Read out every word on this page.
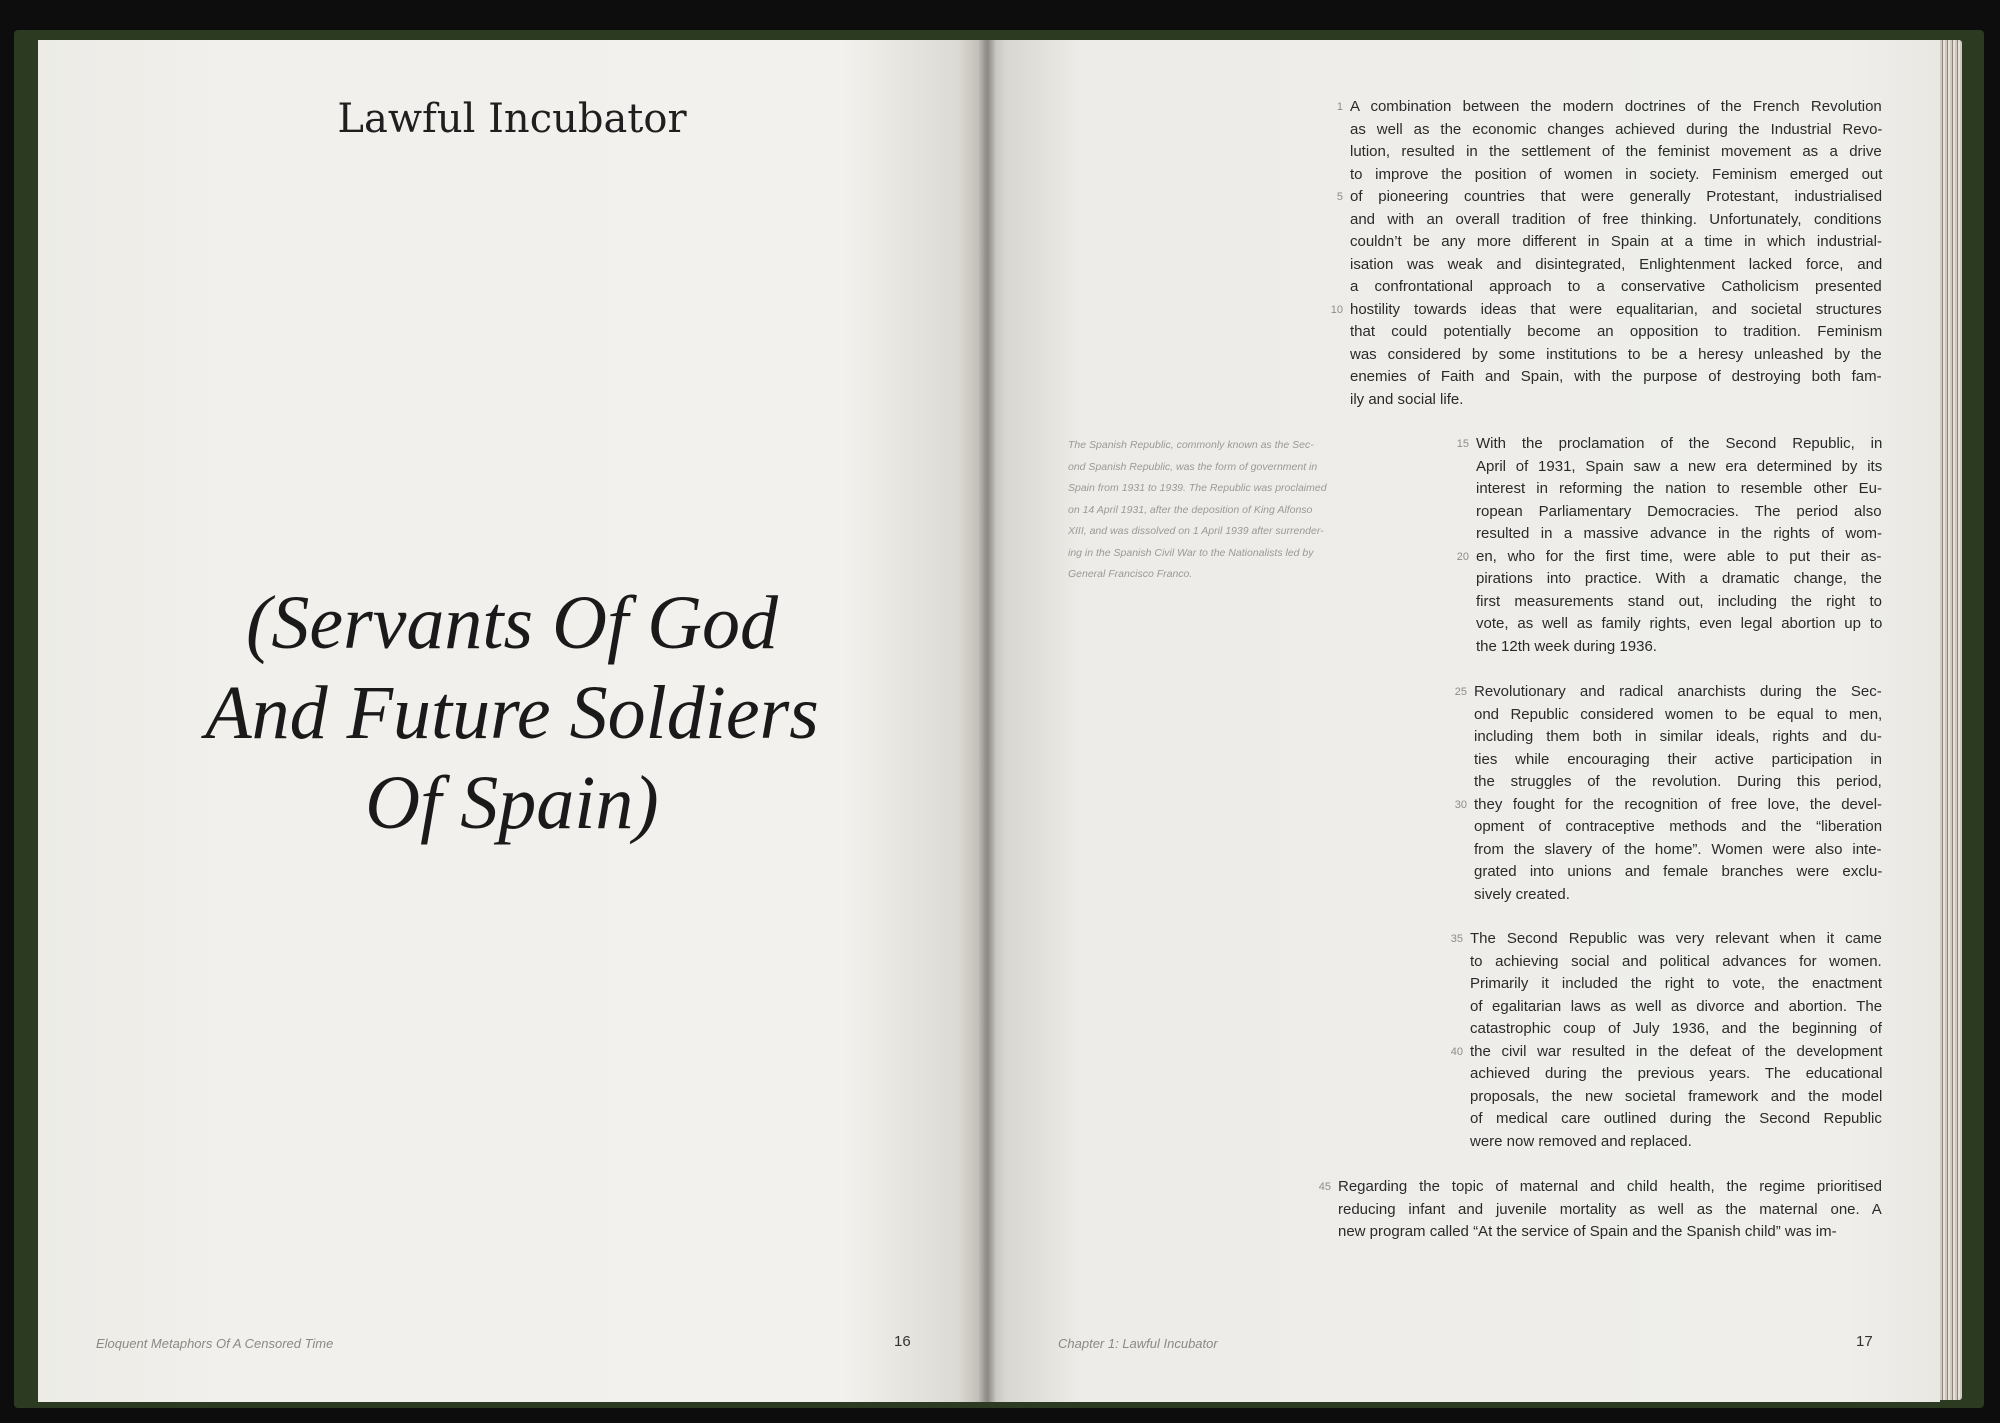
Lawful Incubator
(Servants Of God
And Future Soldiers
Of Spain)
Eloquent Metaphors Of A Censored Time	16
The Spanish Republic, commonly known as the Sec-
ond Spanish Republic, was the form of government in
Spain from 1931 to 1939. The Republic was proclaimed
on 14 April 1931, after the deposition of King Alfonso
XIII, and was dissolved on 1 April 1939 after surrender-
ing in the Spanish Civil War to the Nationalists led by
General Francisco Franco.
1 A combination between the modern doctrines of the French Revolution
as well as the economic changes achieved during the Industrial Revo-
lution, resulted in the settlement of the feminist movement as a drive
to improve the position of women in society. Feminism emerged out
5 of pioneering countries that were generally Protestant, industrialised
and with an overall tradition of free thinking. Unfortunately, conditions
couldn’t be any more different in Spain at a time in which industrial-
isation was weak and disintegrated, Enlightenment lacked force, and
a confrontational approach to a conservative Catholicism presented
10 hostility towards ideas that were equalitarian, and societal structures
that could potentially become an opposition to tradition. Feminism
was considered by some institutions to be a heresy unleashed by the
enemies of Faith and Spain, with the purpose of destroying both fam-
ily and social life.
15 With the proclamation of the Second Republic, in
April of 1931, Spain saw a new era determined by its
interest in reforming the nation to resemble other Eu-
ropean Parliamentary Democracies. The period also
resulted in a massive advance in the rights of wom-
20 en, who for the first time, were able to put their as-
pirations into practice. With a dramatic change, the
first measurements stand out, including the right to
vote, as well as family rights, even legal abortion up to
the 12th week during 1936.
25 Revolutionary and radical anarchists during the Sec-
ond Republic considered women to be equal to men,
including them both in similar ideals, rights and du-
ties while encouraging their active participation in
the struggles of the revolution. During this period,
30 they fought for the recognition of free love, the devel-
opment of contraceptive methods and the “liberation
from the slavery of the home”. Women were also inte-
grated into unions and female branches were exclu-
sively created.
35 The Second Republic was very relevant when it came
to achieving social and political advances for women.
Primarily it included the right to vote, the enactment
of egalitarian laws as well as divorce and abortion. The
catastrophic coup of July 1936, and the beginning of
40 the civil war resulted in the defeat of the development
achieved during the previous years. The educational
proposals, the new societal framework and the model
of medical care outlined during the Second Republic
were now removed and replaced.
45 Regarding the topic of maternal and child health, the regime prioritised
reducing infant and juvenile mortality as well as the maternal one. A
new program called “At the service of Spain and the Spanish child” was im-
Chapter 1: Lawful Incubator	17
